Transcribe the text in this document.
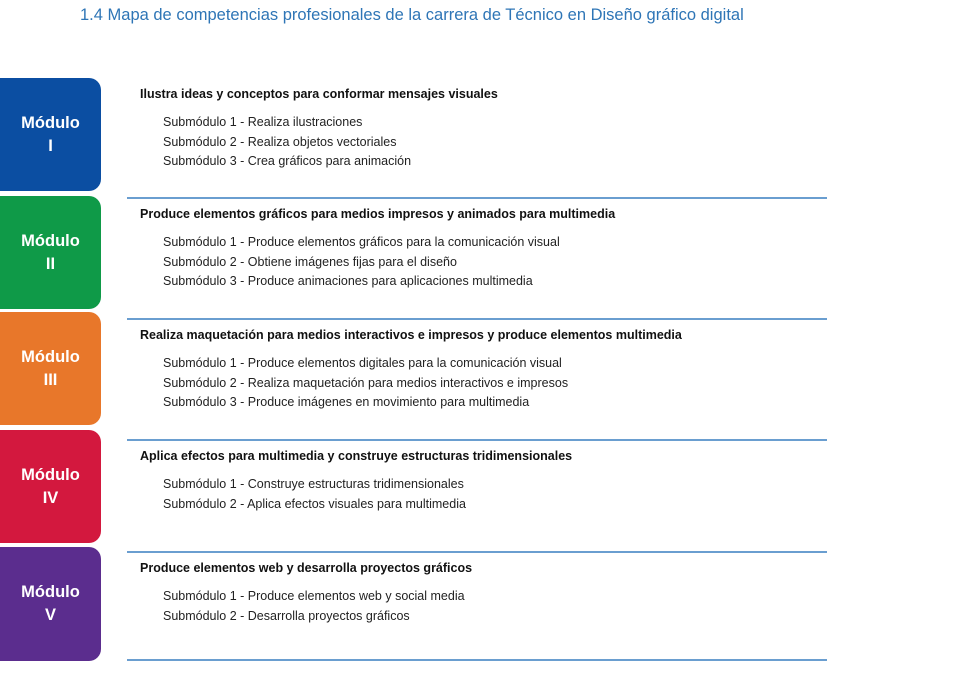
1.4 Mapa de competencias profesionales de la carrera de Técnico en Diseño gráfico digital
Módulo
I
Módulo
II
Módulo
III
Módulo
IV
Módulo
V
Ilustra ideas y conceptos para conformar mensajes visuales
Submódulo 1 - Realiza ilustraciones
Submódulo 2 - Realiza objetos vectoriales
Submódulo 3 - Crea gráficos para animación
Produce elementos gráficos para medios impresos y animados para multimedia
Submódulo 1 - Produce elementos gráficos para la comunicación visual
Submódulo 2 - Obtiene imágenes fijas para el diseño
Submódulo 3 - Produce animaciones para aplicaciones multimedia
Realiza maquetación para medios interactivos e impresos y produce elementos multimedia
Submódulo 1 - Produce elementos digitales para la comunicación visual
Submódulo 2 - Realiza maquetación para medios interactivos e impresos
Submódulo 3 - Produce imágenes en movimiento para multimedia
Aplica efectos para multimedia y construye estructuras tridimensionales
Submódulo 1 - Construye estructuras tridimensionales
Submódulo 2 - Aplica efectos visuales para multimedia
Produce elementos web y desarrolla proyectos gráficos
Submódulo 1 - Produce elementos web y social media
Submódulo 2 - Desarrolla proyectos gráficos
